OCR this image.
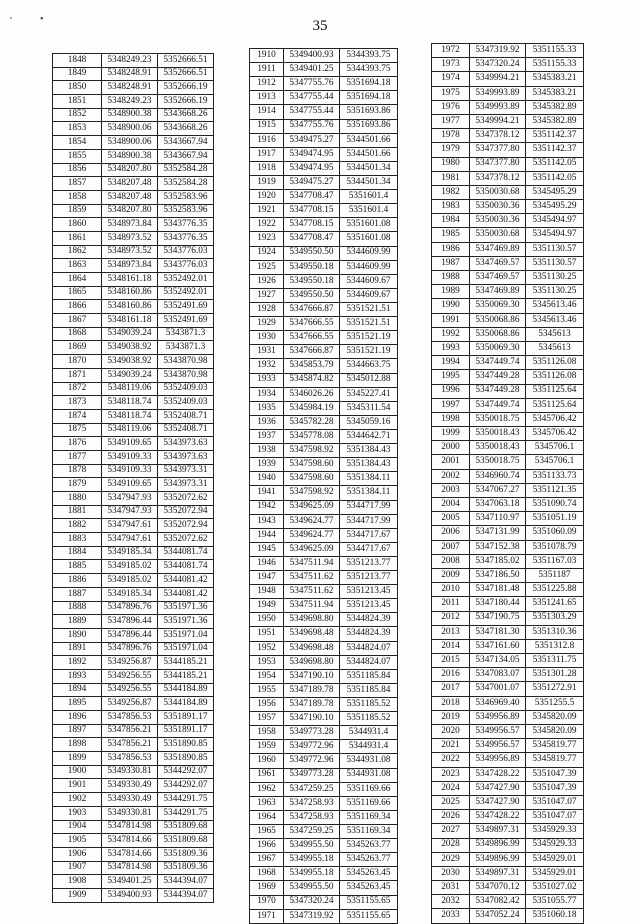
'	•	35
1848	5348249.23	5352666.51
1849	5348248.91	5352666.51
1850	5348248.91	5352666.19
1851	5348249.23	5352666.19
1852	5348900.38	5343668.26
1853	5348900.06	5343668.26
1854	5348900.06	5343667.94
1855	5348900.38	5343667.94
1856	5348207.80	5352584.28
1857	5348207.48	5352584.28
1858	5348207.48	5352583.96
1859	5348207.80	5352583.96
1860	5348973.84	5343776.35
1861	5348973.52	5343776.35
1862	5348973.52	5343776.03
1863	5348973.84	5343776.03
1864	5348161.18	5352492.01
1865	5348160.86	5352492.01
1866	5348160.86	5352491.69
1867	5348161.18	5352491.69
1868	5349039.24	5343871.3
1869	5349038.92	5343871.3
1870	5349038.92	5343870.98
1871	5349039.24	5343870.98
1872	5348119.06	5352409.03
1873	5348118.74	5352409.03
1874	5348118.74	5352408.71
1875	5348119.06	5352408.71
1876	5349109.65	5343973.63
1877	5349109.33	5343973.63
1878	5349109.33	5343973.31
1879	5349109.65	5343973.31
1880	5347947.93	5352072.62
1881	5347947.93	5352072.94
1882	5347947.61	5352072.94
1883	5347947.61	5352072.62
1884	5349185.34	5344081.74
1885	5349185.02	5344081.74
1886	5349185.02	5344081.42
1887	5349185.34	5344081.42
1888	5347896.76	5351971.36
1889	5347896.44	5351971.36
1890	5347896.44	5351971.04
1891	5347896.76	5351971.04
1892	5349256.87	5344185.21
1893	5349256.55	5344185.21
1894	5349256.55	5344184.89
1895	5349256.87	5344184.89
1896	5347856.53	5351891.17
1897	5347856.21	5351891.17
1898	5347856.21	5351890.85
1899	5347856.53	5351890.85
1900	5349330.81	5344292.07
1901	5349330.49	5344292.07
1902	5349330.49	5344291.75
1903	5349330.81	5344291.75
1904	5347814.98	5351809.68
1905	5347814.66	5351809.68
1906	5347814.66	5351809.36
1907	5347814.98	5351809.36
1908	5349401.25	5344394.07
1909	5349400.93	5344394.07
1910	5349400.93	5344393.75
1911	5349401.25	5344393.75
1912	5347755.76	5351694.18
1913	5347755.44	5351694.18
1914	5347755.44	5351693.86
1915	5347755.76	5351693.86
1916	5349475.27	5344501.66
1917	5349474.95	5344501.66
1918	5349474.95	5344501.34
1919	5349475.27	5344501.34
1920	5347708.47	5351601.4
1921	5347708.15	5351601.4
1922	5347708.15	5351601.08
1923	5347708.47	5351601.08
1924	5349550.50	5344609.99
1925	5349550.18	5344609.99
1926	5349550.18	5344609.67
1927	5349550.50	5344609.67
1928	5347666.87	5351521.51
1929	5347666.55	5351521.51
1930	5347666.55	5351521.19
1931	5347666.87	5351521.19
1932	5345853.79	5344663.75
1933	5345874.82	5345012.88
1934	5346026.26	5345227.41
1935	5345984.19	5345311.54
1936	5345782.28	5345059.16
1937	5345778.08	5344642.71
1938	5347598.92	5351384.43
1939	5347598.60	5351384.43
1940	5347598.60	5351384.11
1941	5347598.92	5351384.11
1942	5349625.09	5344717.99
1943	5349624.77	5344717.99
1944	5349624.77	5344717.67
1945	5349625.09	5344717.67
1946	5347511.94	5351213.77
1947	5347511.62	5351213.77
1948	5347511.62	5351213.45
1949	5347511.94	5351213.45
1950	5349698.80	5344824.39
1951	5349698.48	5344824.39
1952	5349698.48	5344824.07
1953	5349698.80	5344824.07
1954	5347190.10	5351185.84
1955	5347189.78	5351185.84
1956	5347189.78	5351185.52
1957	5347190.10	5351185.52
1958	5349773.28	5344931.4
1959	5349772.96	5344931.4
1960	5349772.96	5344931.08
1961	5349773.28	5344931.08
1962	5347259.25	5351169.66
1963	5347258.93	5351169.66
1964	5347258.93	5351169.34
1965	5347259.25	5351169.34
1966	5349955.50	5345263.77
1967	5349955.18	5345263.77
1968	5349955.18	5345263.45
1969	5349955.50	5345263.45
1970	5347320.24	5351155.65
1971	5347319.92	5351155.65
1972	5347319.92	5351155.33
1973	5347320.24	5351155.33
1974	5349994.21	5345383.21
1975	5349993.89	5345383.21
1976	5349993.89	5345382.89
1977	5349994.21	5345382.89
1978	5347378.12	5351142.37
1979	5347377.80	5351142.37
1980	5347377.80	5351142.05
1981	5347378.12	5351142.05
1982	5350030.68	5345495.29
1983	5350030.36	5345495.29
1984	5350030.36	5345494.97
1985	5350030.68	5345494.97
1986	5347469.89	5351130.57
1987	5347469.57	5351130.57
1988	5347469.57	5351130.25
1989	5347469.89	5351130.25
1990	5350069.30	5345613.46
1991	5350068.86	5345613.46
1992	5350068.86	5345613
1993	5350069.30	5345613
1994	5347449.74	5351126.08
1995	5347449.28	5351126.08
1996	5347449.28	5351125.64
1997	5347449.74	5351125.64
1998	5350018.75	5345706.42
1999	5350018.43	5345706.42
2000	5350018.43	5345706.1
2001	5350018.75	5345706.1
2002	5346960.74	5351133.73
2003	5347067.27	5351121.35
2004	5347063.18	5351090.74
2005	5347110.97	5351051.19
2006	5347131.99	5351060.09
2007	5347152.38	5351078.79
2008	5347185.02	5351167.03
2009	5347186.50	5351187
2010	5347181.48	5351225.88
2011	5347180.44	5351241.65
2012	5347190.75	5351303.29
2013	5347181.30	5351310.36
2014	5347161.60	5351312.8
2015	5347134.05	5351311.75
2016	5347083.07	5351301.28
2017	5347001.07	5351272.91
2018	5346969.40	5351255.5
2019	5349956.89	5345820.09
2020	5349956.57	5345820.09
2021	5349956.57	5345819.77
2022	5349956.89	5345819.77
2023	5347428.22	5351047.39
2024	5347427.90	5351047.39
2025	5347427.90	5351047.07
2026	5347428.22	5351047.07
2027	5349897.31	5345929.33
2028	5349896.99	5345929.33
2029	5349896.99	5345929.01
2030	5349897.31	5345929.01
2031	5347070.12	5351027.02
2032	5347082.42	5351055.77
2033	5347052.24	5351060.18
